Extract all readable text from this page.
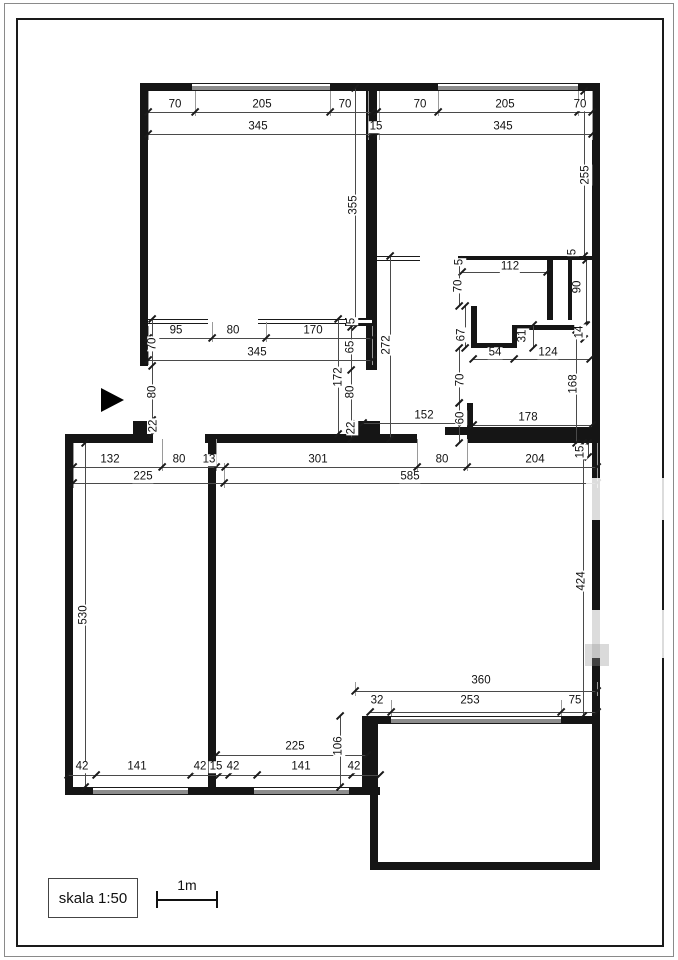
70	205	70
345	15
70	205	70
345
112
95	80	170
345	54	124
152	178
132	80 13	301	80	204
225	585
360
32	253	75
225
42	141	42 15 42	141	42
255
355
272
5
5
5
70	90
67	31	14
70	168
60
70
80
22
65
80
22
172
530
424
15
106
skala 1:50
1m
